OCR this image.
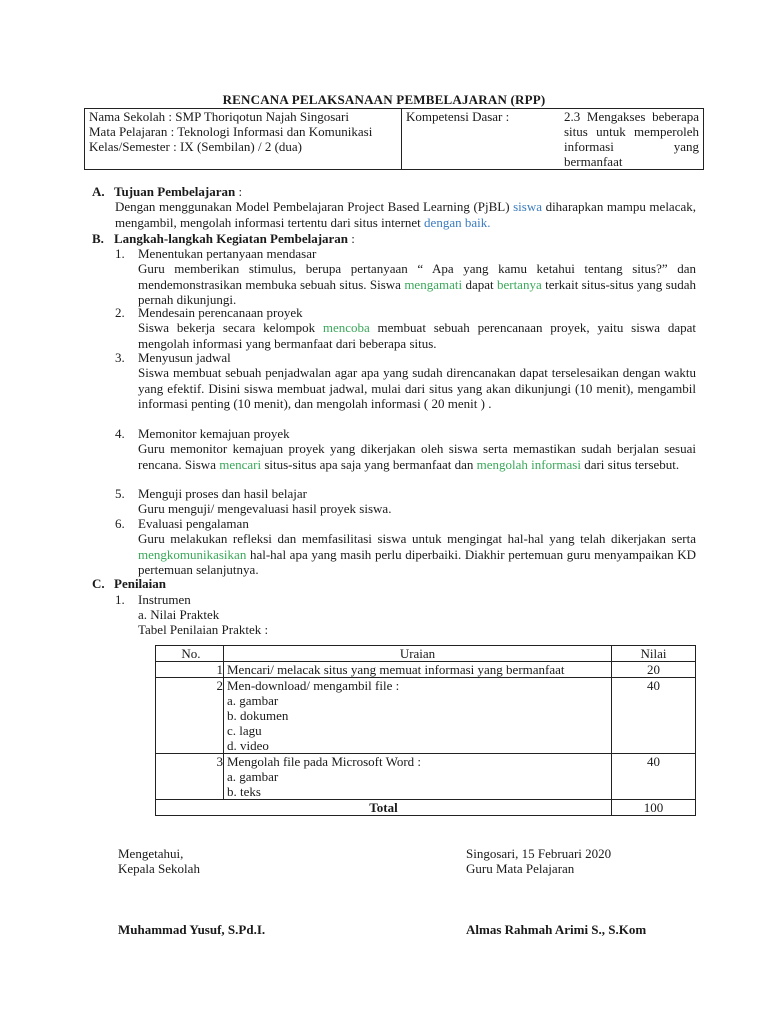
RENCANA PELAKSANAAN PEMBELAJARAN (RPP)
Nama Sekolah : SMP Thoriqotun Najah Singosari
Mata Pelajaran : Teknologi Informasi dan Komunikasi
Kelas/Semester : IX (Sembilan) / 2 (dua)

Kompetensi Dasar :	2.3 Mengakses beberapa situs untuk memperoleh informasi yang bermanfaat
A. Tujuan Pembelajaran :
Dengan menggunakan Model Pembelajaran Project Based Learning (PjBL) siswa diharapkan mampu melacak, mengambil, mengolah informasi tertentu dari situs internet dengan baik.
B. Langkah-langkah Kegiatan Pembelajaran :
1. Menentukan pertanyaan mendasar
Guru memberikan stimulus, berupa pertanyaan “ Apa yang kamu ketahui tentang situs?” dan mendemonstrasikan membuka sebuah situs. Siswa mengamati dapat bertanya terkait situs-situs yang sudah pernah dikunjungi.
2. Mendesain perencanaan proyek
Siswa bekerja secara kelompok mencoba membuat sebuah perencanaan proyek, yaitu siswa dapat mengolah informasi yang bermanfaat dari beberapa situs.
3. Menyusun jadwal
Siswa membuat sebuah penjadwalan agar apa yang sudah direncanakan dapat terselesaikan dengan waktu yang efektif. Disini siswa membuat jadwal, mulai dari situs yang akan dikunjungi (10 menit), mengambil informasi penting (10 menit), dan mengolah informasi ( 20 menit ) .
4. Memonitor kemajuan proyek
Guru memonitor kemajuan proyek yang dikerjakan oleh siswa serta memastikan sudah berjalan sesuai rencana. Siswa mencari situs-situs apa saja yang bermanfaat dan mengolah informasi dari situs tersebut.
5. Menguji proses dan hasil belajar
Guru menguji/ mengevaluasi hasil proyek siswa.
6. Evaluasi pengalaman
Guru melakukan refleksi dan memfasilitasi siswa untuk mengingat hal-hal yang telah dikerjakan serta mengkomunikasikan hal-hal apa yang masih perlu diperbaiki. Diakhir pertemuan guru menyampaikan KD pertemuan selanjutnya.
C. Penilaian
1. Instrumen
a. Nilai Praktek
Tabel Penilaian Praktek :
No.	Uraian	Nilai
1	Mencari/ melacak situs yang memuat informasi yang bermanfaat	20
2	Men-download/ mengambil file :
a. gambar
b. dokumen
c. lagu
d. video	40
3	Mengolah file pada Microsoft Word :
a. gambar
b. teks	40
Total		100
Mengetahui,
Kepala Sekolah
Muhammad Yusuf, S.Pd.I.
Singosari, 15 Februari 2020
Guru Mata Pelajaran
Almas Rahmah Arimi S., S.Kom
